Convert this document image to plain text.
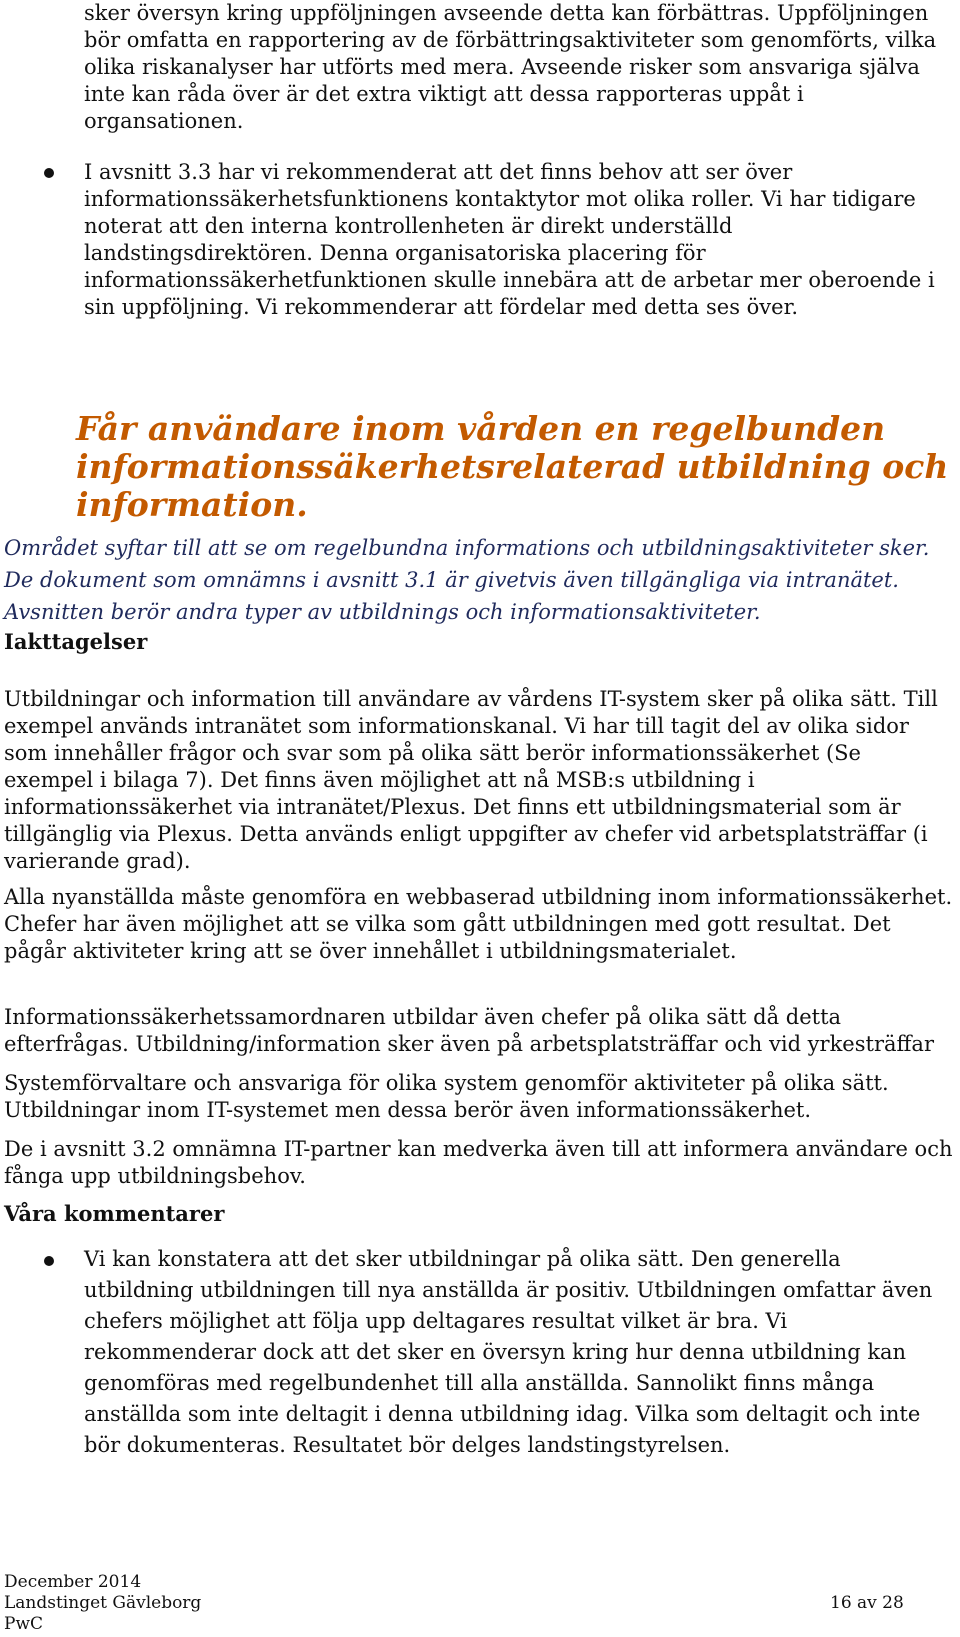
sker översyn kring uppföljningen avseende detta kan förbättras. Uppföljningen bör omfatta en rapportering av de förbättringsaktiviteter som genomförts, vilka olika riskanalyser har utförts med mera. Avseende risker som ansvariga själva inte kan råda över är det extra viktigt att dessa rapporteras uppåt i organsationen.

I avsnitt 3.3 har vi rekommenderat att det finns behov att ser över informationssäkerhetsfunktionens kontaktytor mot olika roller. Vi har tidigare noterat att den interna kontrollenheten är direkt underställd landstingsdirektören. Denna organisatoriska placering för informationssäkerhetfunktionen skulle innebära att de arbetar mer oberoende i sin uppföljning. Vi rekommenderar att fördelar med detta ses över.

Får användare inom vården en regelbunden informationssäkerhetsrelaterad utbildning och information.

Området syftar till att se om regelbundna informations och utbildningsaktiviteter sker. De dokument som omnämns i avsnitt 3.1 är givetvis även tillgängliga via intranätet. Avsnitten berör andra typer av utbildnings och informationsaktiviteter.

Iakttagelser

Utbildningar och information till användare av vårdens IT-system sker på olika sätt. Till exempel används intranätet som informationskanal. Vi har till tagit del av olika sidor som innehåller frågor och svar som på olika sätt berör informationssäkerhet (Se exempel i bilaga 7). Det finns även möjlighet att nå MSB:s utbildning i informationssäkerhet via intranätet/Plexus. Det finns ett utbildningsmaterial som är tillgänglig via Plexus. Detta används enligt uppgifter av chefer vid arbetsplatsträffar (i varierande grad).

Alla nyanställda måste genomföra en webbaserad utbildning inom informationssäkerhet. Chefer har även möjlighet att se vilka som gått utbildningen med gott resultat. Det pågår aktiviteter kring att se över innehållet i utbildningsmaterialet.

Informationssäkerhetssamordnaren utbildar även chefer på olika sätt då detta efterfrågas. Utbildning/information sker även på arbetsplatsträffar och vid yrkesträffar

Systemförvaltare och ansvariga för olika system genomför aktiviteter på olika sätt. Utbildningar inom IT-systemet men dessa berör även informationssäkerhet.

De i avsnitt 3.2 omnämna IT-partner kan medverka även till att informera användare och fånga upp utbildningsbehov.

Våra kommentarer

Vi kan konstatera att det sker utbildningar på olika sätt. Den generella utbildning utbildningen till nya anställda är positiv. Utbildningen omfattar även chefers möjlighet att följa upp deltagares resultat vilket är bra. Vi rekommenderar dock att det sker en översyn kring hur denna utbildning kan genomföras med regelbundenhet till alla anställda. Sannolikt finns många anställda som inte deltagit i denna utbildning idag. Vilka som deltagit och inte bör dokumenteras. Resultatet bör delges landstingstyrelsen.

December 2014
Landstinget Gävleborg
PwC
16 av 28
